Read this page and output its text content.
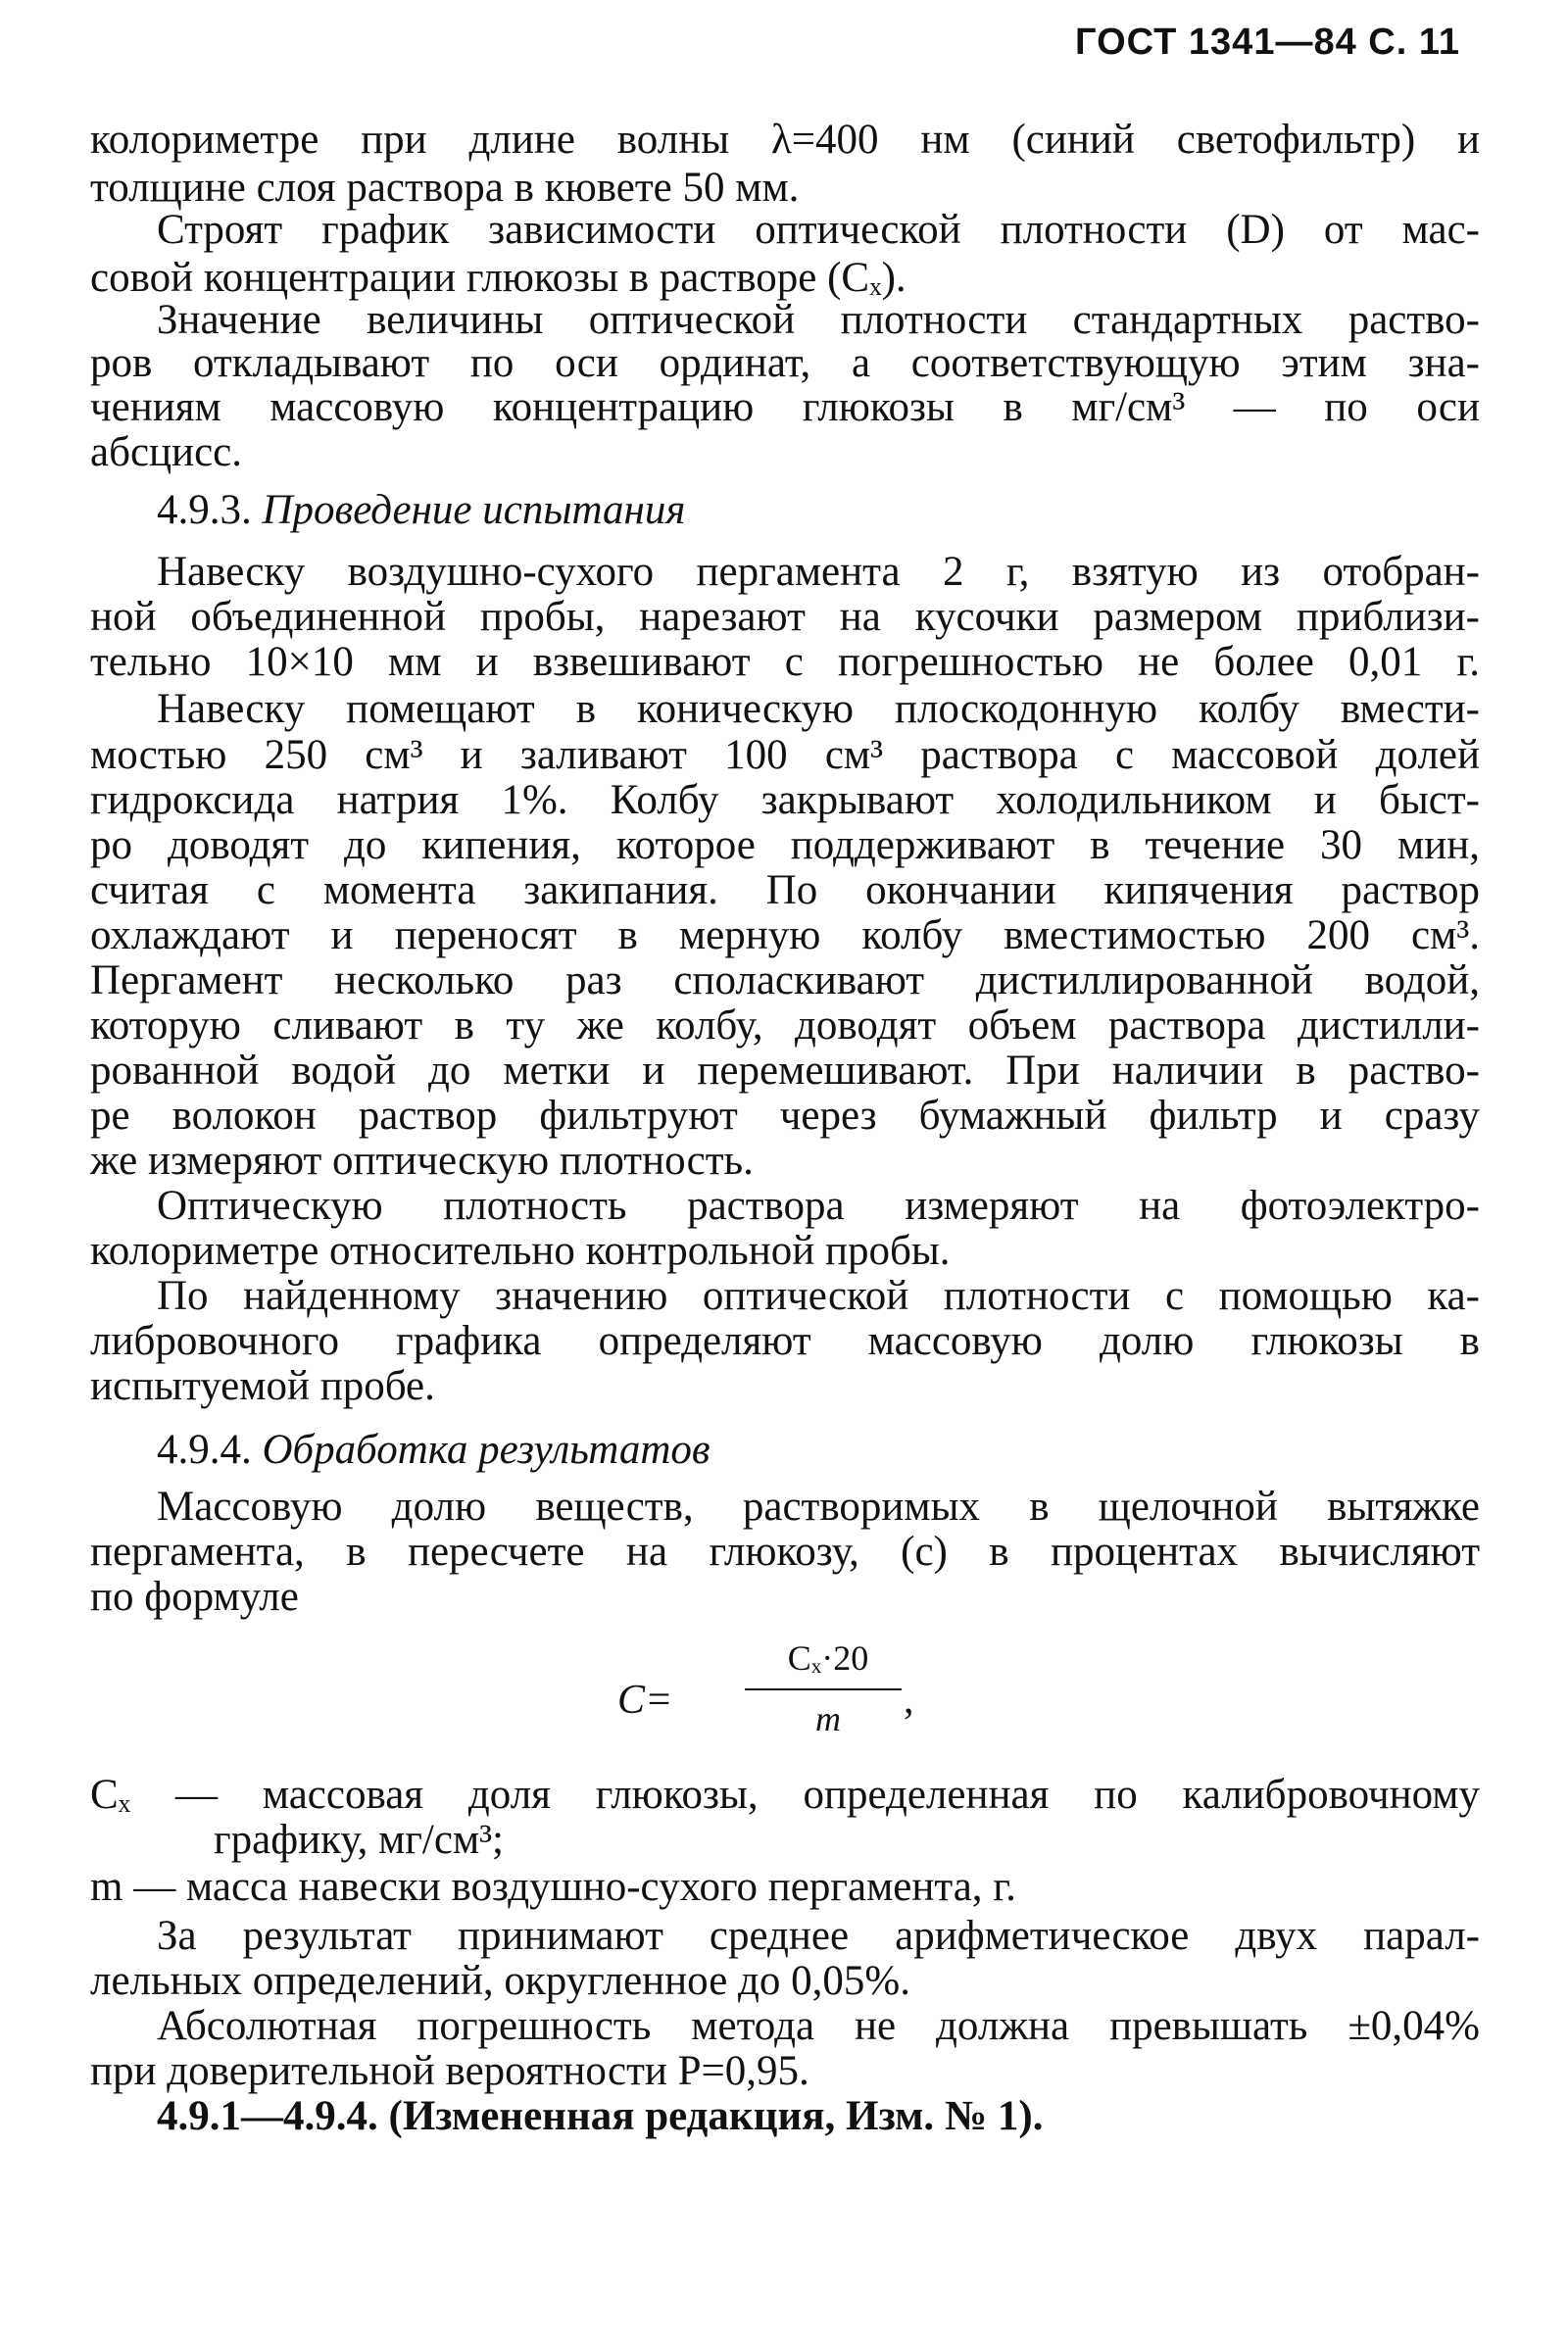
ГОСТ 1341—84 С. 11
колориметре при длине волны λ=400 нм (синий светофильтр) и
толщине слоя раствора в кювете 50 мм.
Строят график зависимости оптической плотности (D) от мас-
совой концентрации глюкозы в растворе (Cₓ).
Значение величины оптической плотности стандартных раство-
ров откладывают по оси ординат, а соответствующую этим зна-
чениям массовую концентрацию глюкозы в мг/см³ — по оси
абсцисс.
4.9.3. Проведение испытания
Навеску воздушно-сухого пергамента 2 г, взятую из отобран-
ной объединенной пробы, нарезают на кусочки размером приблизи-
тельно 10×10 мм и взвешивают с погрешностью не более 0,01 г.
Навеску помещают в коническую плоскодонную колбу вмести-
мостью 250 см³ и заливают 100 см³ раствора с массовой долей
гидроксида натрия 1%. Колбу закрывают холодильником и быст-
ро доводят до кипения, которое поддерживают в течение 30 мин,
считая с момента закипания. По окончании кипячения раствор
охлаждают и переносят в мерную колбу вместимостью 200 см³.
Пергамент несколько раз споласкивают дистиллированной водой,
которую сливают в ту же колбу, доводят объем раствора дистилли-
рованной водой до метки и перемешивают. При наличии в раство-
ре волокон раствор фильтруют через бумажный фильтр и сразу
же измеряют оптическую плотность.
Оптическую плотность раствора измеряют на фотоэлектро-
колориметре относительно контрольной пробы.
По найденному значению оптической плотности с помощью ка-
либровочного графика определяют массовую долю глюкозы в
испытуемой пробе.
4.9.4. Обработка результатов
Массовую долю веществ, растворимых в щелочной вытяжке
пергамента, в пересчете на глюкозу, (c) в процентах вычисляют
по формуле
C=
Cₓ·20
m	,
Cₓ — массовая доля глюкозы, определенная по калибровочному
графику, мг/см³;
m — масса навески воздушно-сухого пергамента, г.
За результат принимают среднее арифметическое двух парал-
лельных определений, округленное до 0,05%.
Абсолютная погрешность метода не должна превышать ±0,04%
при доверительной вероятности P=0,95.
4.9.1—4.9.4. (Измененная редакция, Изм. № 1).
